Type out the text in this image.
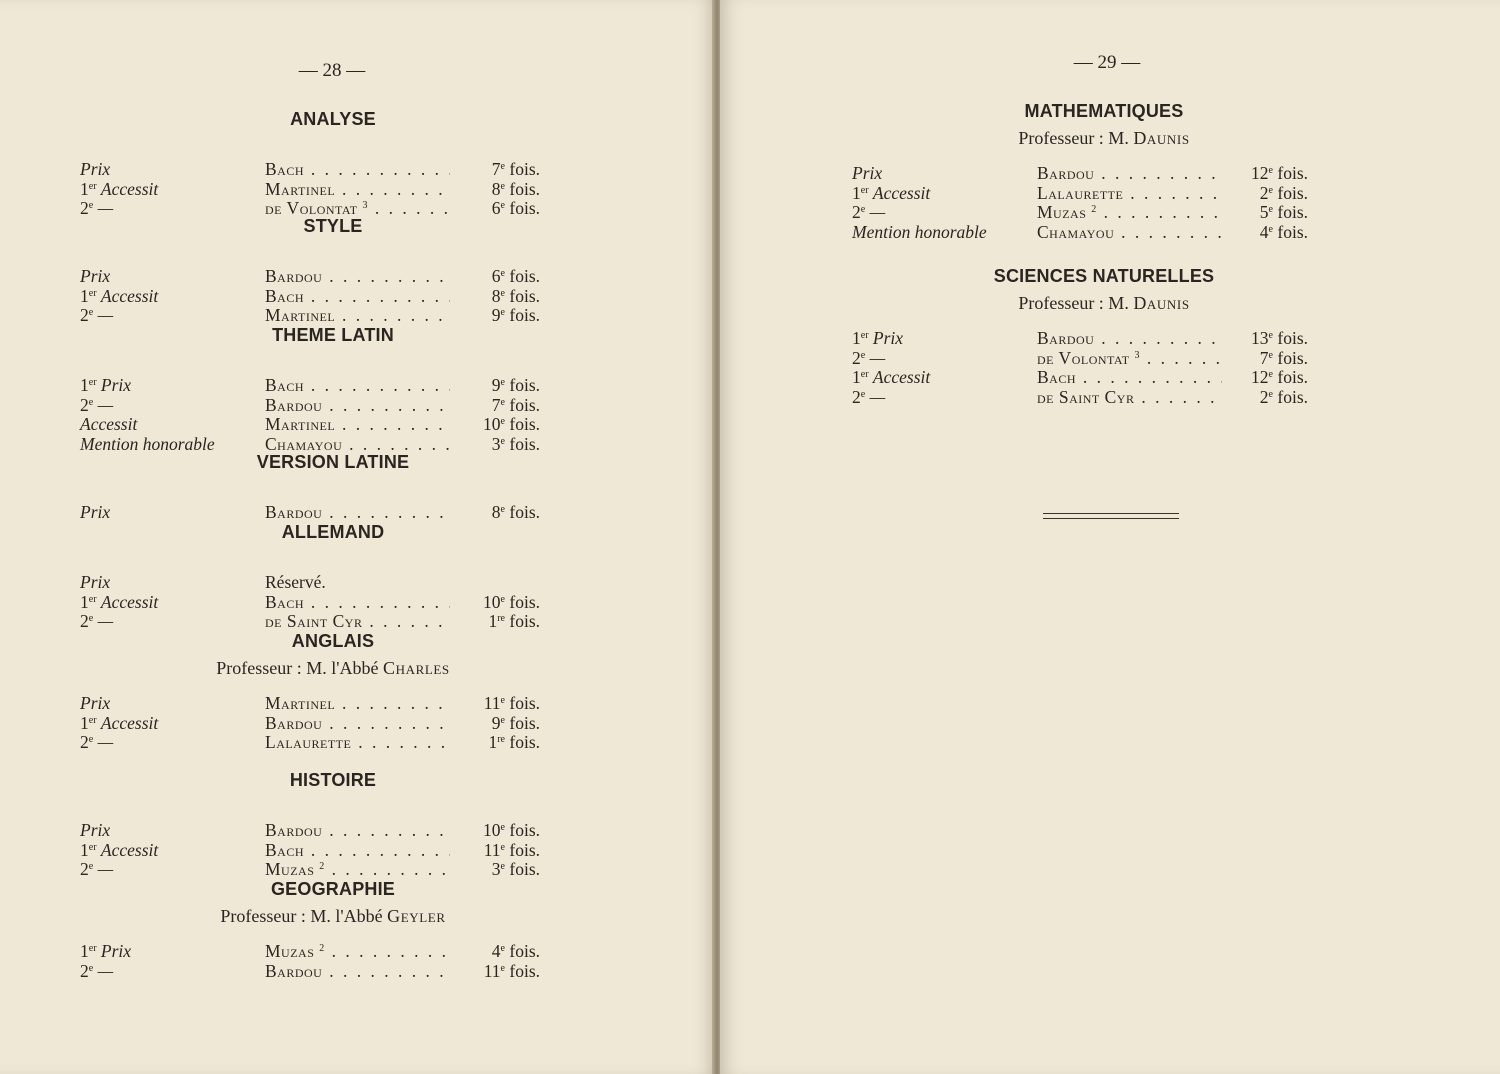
— 28 —	— 29 —
ANALYSE
Prix	Bach . . .	7e fois.
1er Accessit	Martinel . . .	8e fois.
2e —	de Volontat $^3$ . . .	6e fois.
STYLE
Prix	Bardou . . .	6e fois.
1er Accessit	Bach . . .	8e fois.
2e —	Martinel . . .	9e fois.
THEME LATIN
1er Prix	Bach . . .	9e fois.
2e —	Bardou . . .	7e fois.
Accessit	Martinel . . .	10e fois.
Mention honorable	Chamayou . . .	3e fois.
VERSION LATINE
Prix	Bardou . . .	8e fois.
ALLEMAND
Prix	Réservé.
1er Accessit	Bach . . .	10e fois.
2e —	de Saint Cyr . . .	1re fois.
ANGLAIS
Professeur : M. l'Abbé Charles
Prix	Martinel . . .	11e fois.
1er Accessit	Bardou . . .	9e fois.
2e —	Lalaurette . . .	1re fois.
HISTOIRE
Prix	Bardou . . .	10e fois.
1er Accessit	Bach . . .	11e fois.
2e —	Muzas $^2$ . . .	3e fois.
GEOGRAPHIE
Professeur : M. l'Abbé Geyler
1er Prix	Muzas $^2$ . . .	4e fois.
2e —	Bardou . . .	11e fois.
MATHEMATIQUES
Professeur : M. Daunis
Prix	Bardou . . .	12e fois.
1er Accessit	Lalaurette . . .	2e fois.
2e —	Muzas $^2$ . . .	5e fois.
Mention honorable	Chamayou . . .	4e fois.
SCIENCES NATURELLES
Professeur : M. Daunis
1er Prix	Bardou . . .	13e fois.
2e —	de Volontat $^3$ . . .	7e fois.
1er Accessit	Bach . . .	12e fois.
2e —	de Saint Cyr . . .	2e fois.
